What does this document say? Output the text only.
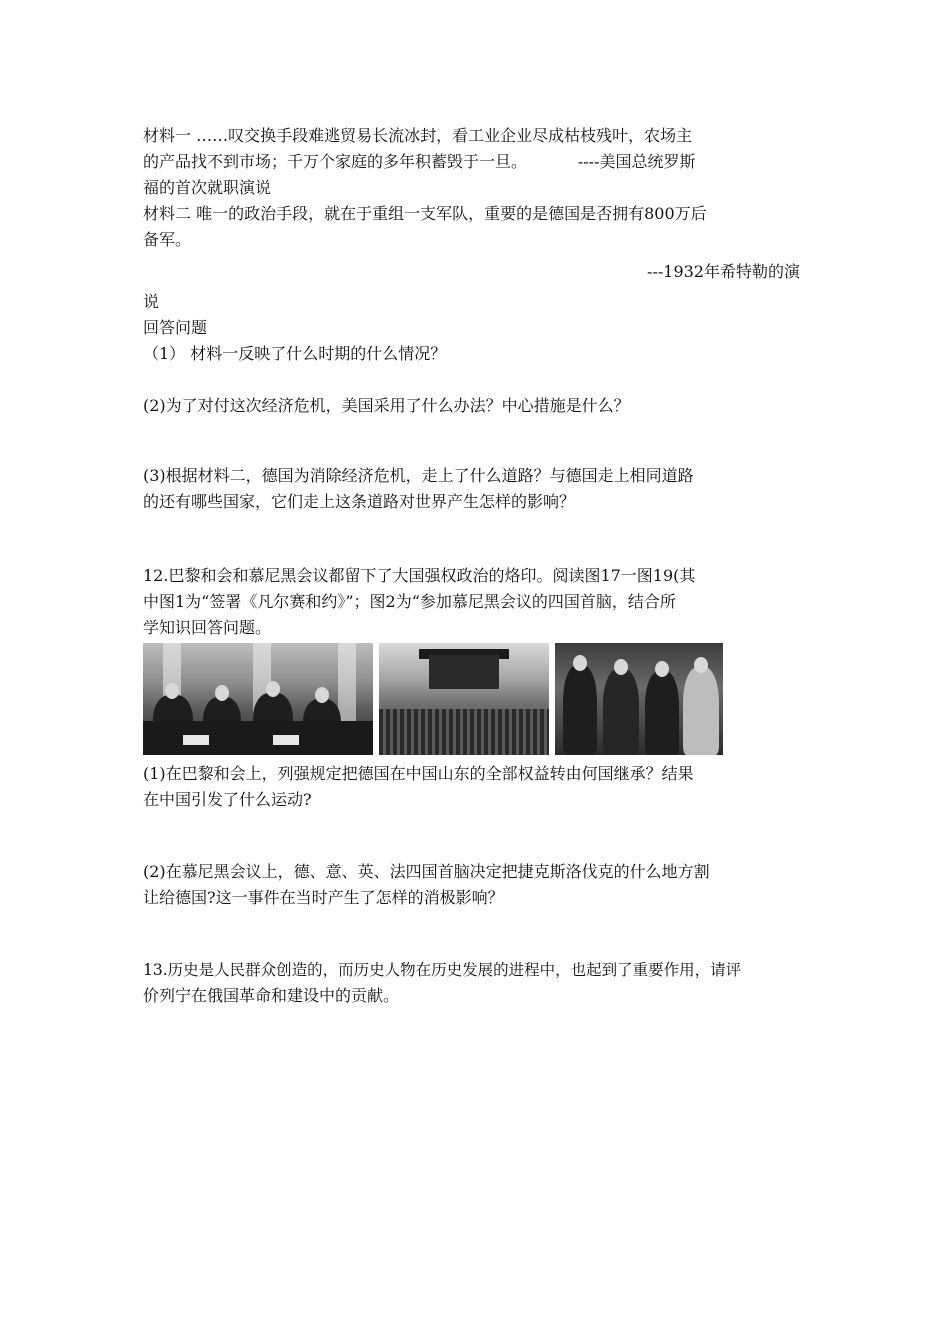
材料一 ……叹交换手段难逃贸易长流冰封，看工业企业尽成枯枝残叶，农场主
的产品找不到市场；千万个家庭的多年积蓄毁于一旦。          ----美国总统罗斯
福的首次就职演说
材料二 唯一的政治手段，就在于重组一支军队，重要的是德国是否拥有800万后
备军。
---1932年希特勒的演
说
回答问题
（1） 材料一反映了什么时期的什么情况？
(2)为了对付这次经济危机，美国采用了什么办法？中心措施是什么？
(3)根据材料二，德国为消除经济危机，走上了什么道路？与德国走上相同道路
的还有哪些国家，它们走上这条道路对世界产生怎样的影响？
12.巴黎和会和慕尼黑会议都留下了大国强权政治的烙印。阅读图17一图19(其
中图1为“签署《凡尔赛和约》”；图2为“参加慕尼黑会议的四国首脑，结合所
学知识回答问题。
(1)在巴黎和会上，列强规定把德国在中国山东的全部权益转由何国继承？结果
在中国引发了什么运动?
(2)在慕尼黑会议上，德、意、英、法四国首脑决定把捷克斯洛伐克的什么地方割
让给德国?这一事件在当时产生了怎样的消极影响？
13.历史是人民群众创造的，而历史人物在历史发展的进程中，也起到了重要作用，请评
价列宁在俄国革命和建设中的贡献。
